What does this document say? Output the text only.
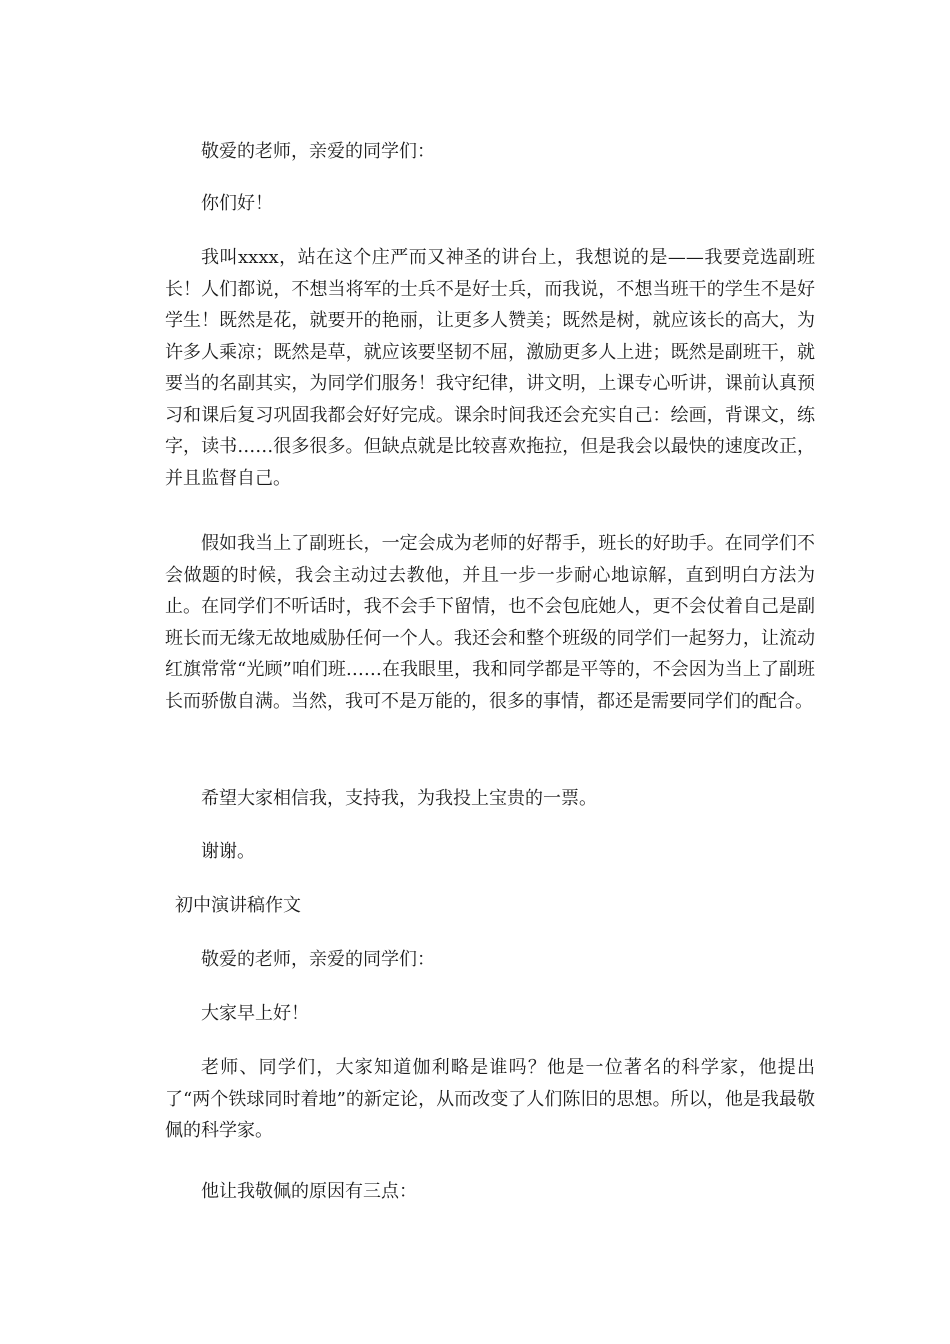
敬爱的老师，亲爱的同学们：

你们好！

我叫xxxx，站在这个庄严而又神圣的讲台上，我想说的是——我要竞选副班长！人们都说，不想当将军的士兵不是好士兵，而我说，不想当班干的学生不是好学生！既然是花，就要开的艳丽，让更多人赞美；既然是树，就应该长的高大，为许多人乘凉；既然是草，就应该要坚韧不屈，激励更多人上进；既然是副班干，就要当的名副其实，为同学们服务！我守纪律，讲文明，上课专心听讲，课前认真预习和课后复习巩固我都会好好完成。课余时间我还会充实自己：绘画，背课文，练字，读书……很多很多。但缺点就是比较喜欢拖拉，但是我会以最快的速度改正，并且监督自己。

假如我当上了副班长，一定会成为老师的好帮手，班长的好助手。在同学们不会做题的时候，我会主动过去教他，并且一步一步耐心地谅解，直到明白方法为止。在同学们不听话时，我不会手下留情，也不会包庇她人，更不会仗着自己是副班长而无缘无故地威胁任何一个人。我还会和整个班级的同学们一起努力，让流动红旗常常“光顾”咱们班……在我眼里，我和同学都是平等的，不会因为当上了副班长而骄傲自满。当然，我可不是万能的，很多的事情，都还是需要同学们的配合。

希望大家相信我，支持我，为我投上宝贵的一票。

谢谢。

初中演讲稿作文

敬爱的老师，亲爱的同学们：

大家早上好！

老师、同学们，大家知道伽利略是谁吗？他是一位著名的科学家，他提出了“两个铁球同时着地”的新定论，从而改变了人们陈旧的思想。所以，他是我最敬佩的科学家。

他让我敬佩的原因有三点：
